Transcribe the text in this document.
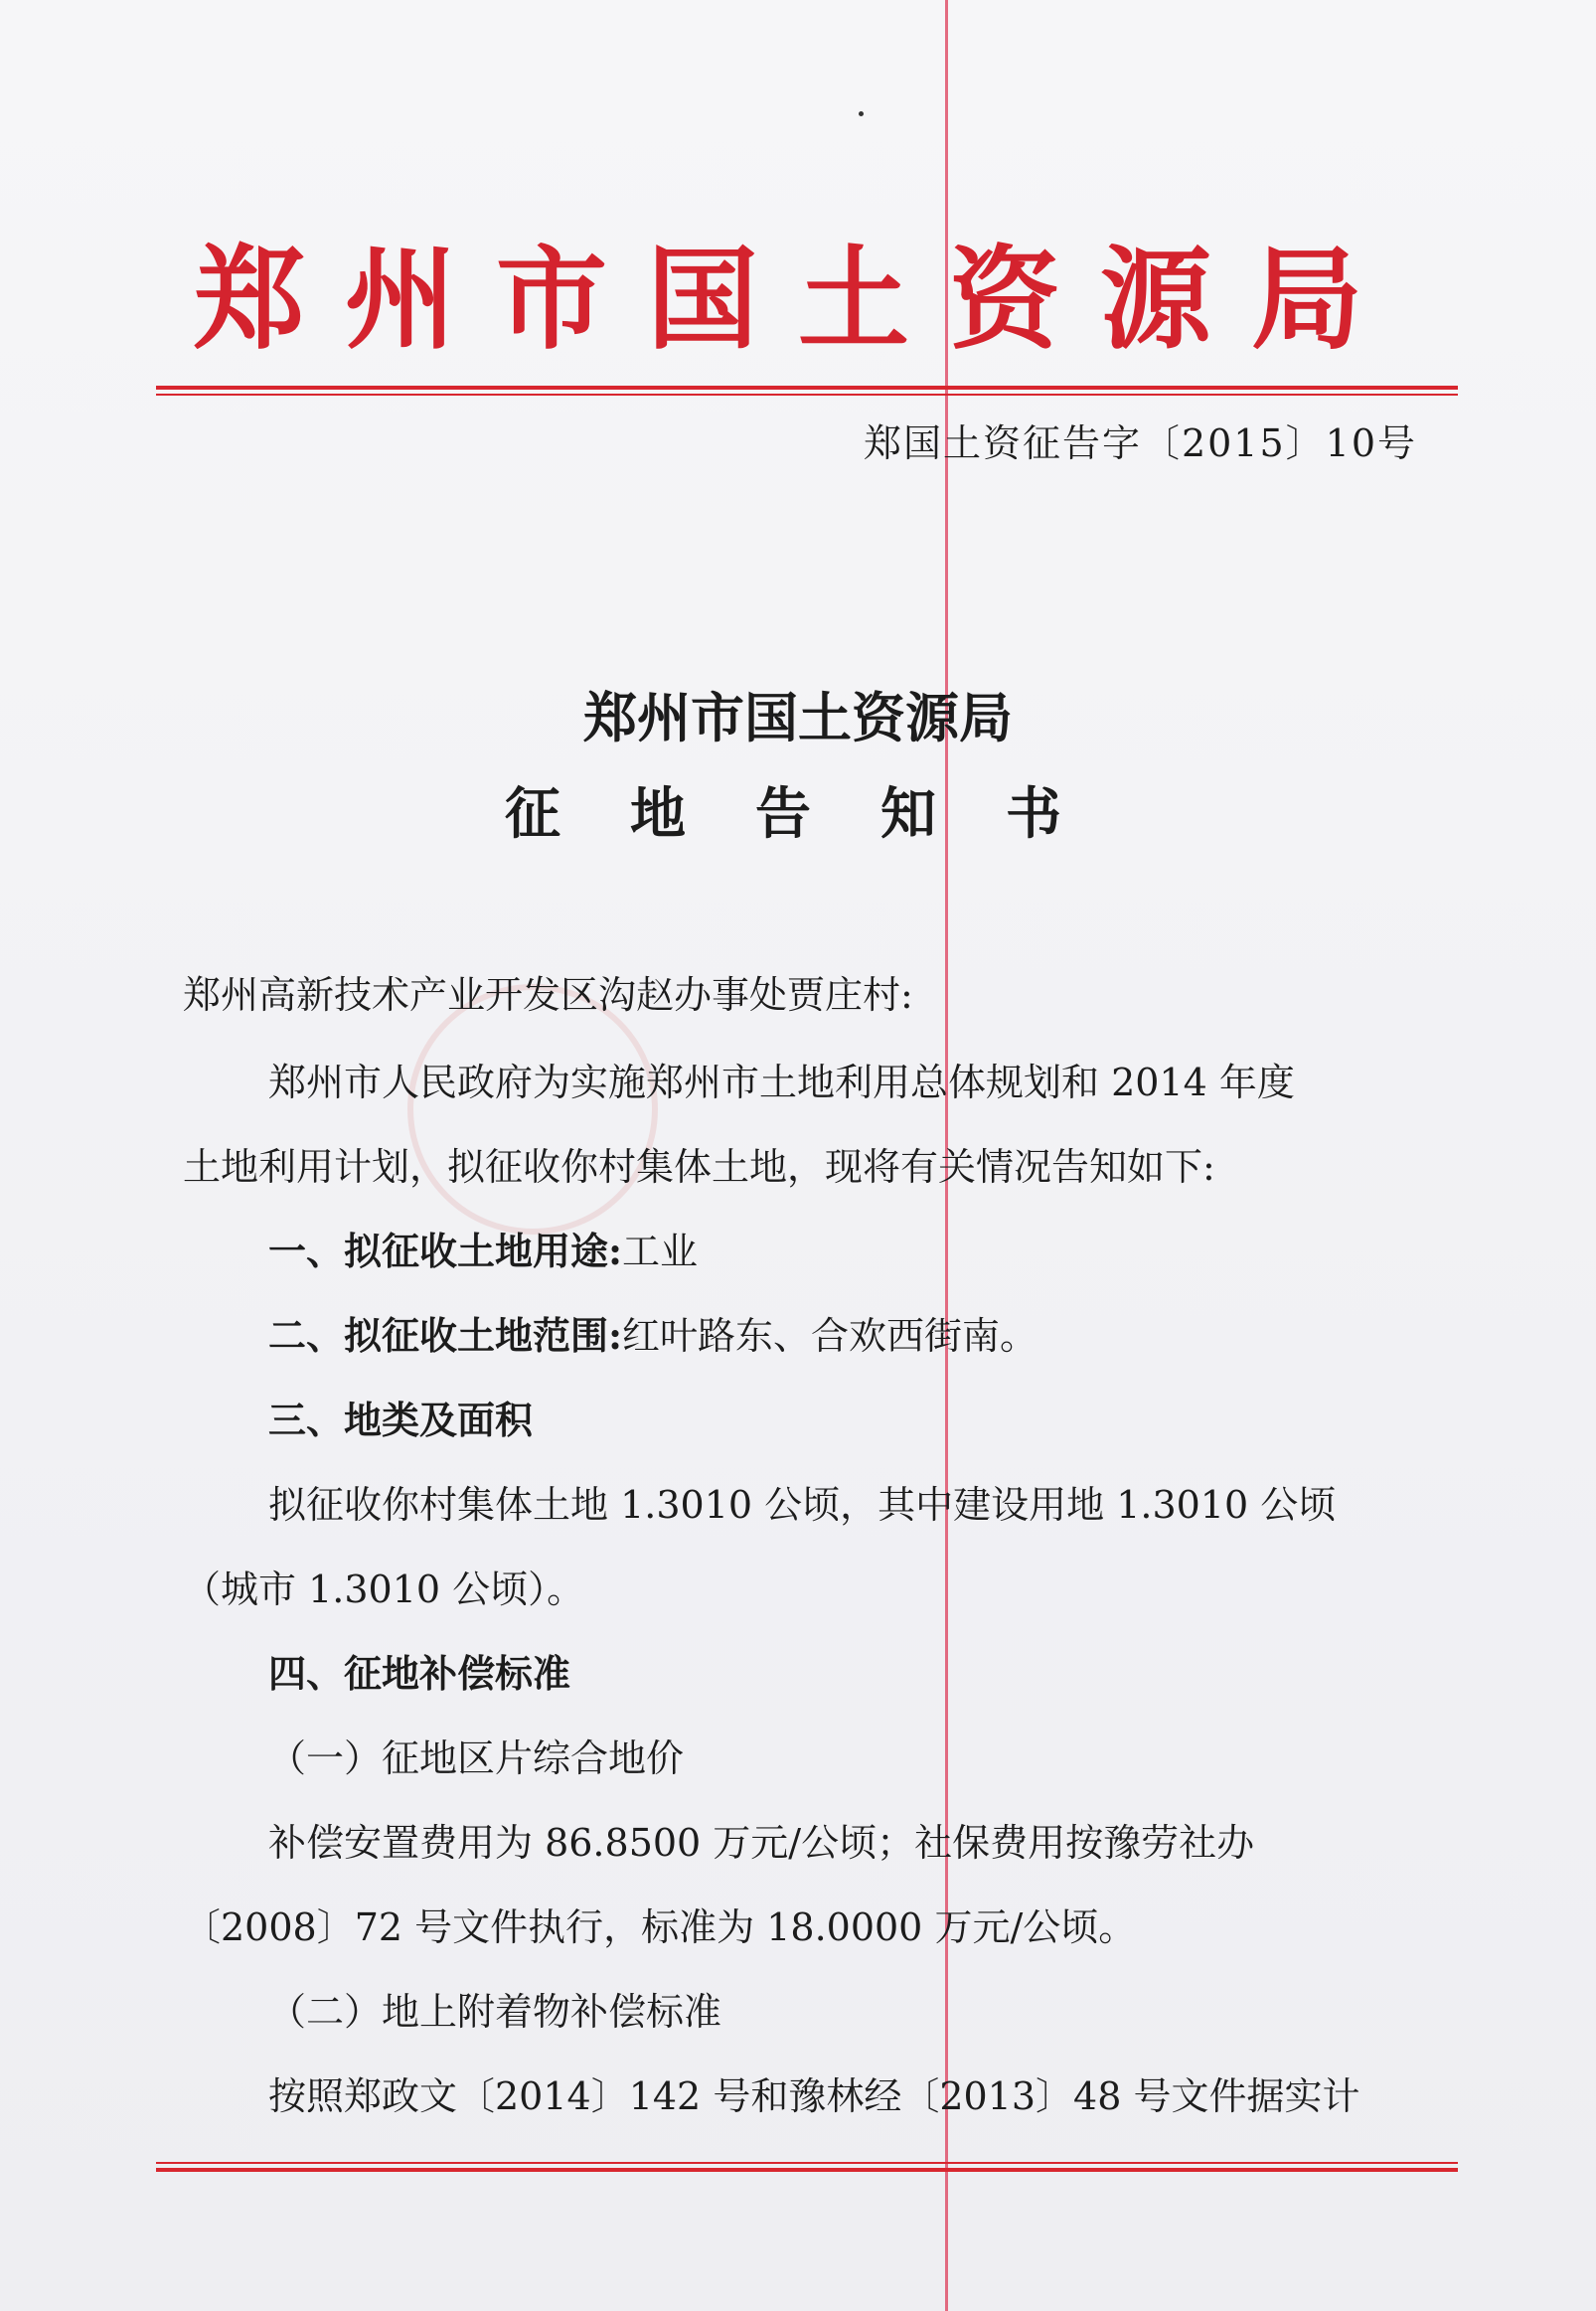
郑州市国土资源局
郑国土资征告字〔2015〕10号
郑州市国土资源局
征地告知书
郑州高新技术产业开发区沟赵办事处贾庄村:
郑州市人民政府为实施郑州市土地利用总体规划和 2014 年度
土地利用计划，拟征收你村集体土地，现将有关情况告知如下:
一、拟征收土地用途:工业
二、拟征收土地范围:红叶路东、合欢西街南。
三、地类及面积
拟征收你村集体土地 1.3010 公顷，其中建设用地 1.3010 公顷
（城市 1.3010 公顷）。
四、征地补偿标准
（一）征地区片综合地价
补偿安置费用为 86.8500 万元/公顷；社保费用按豫劳社办
〔2008〕72 号文件执行，标准为 18.0000 万元/公顷。
（二）地上附着物补偿标准
按照郑政文〔2014〕142 号和豫林经〔2013〕48 号文件据实计
